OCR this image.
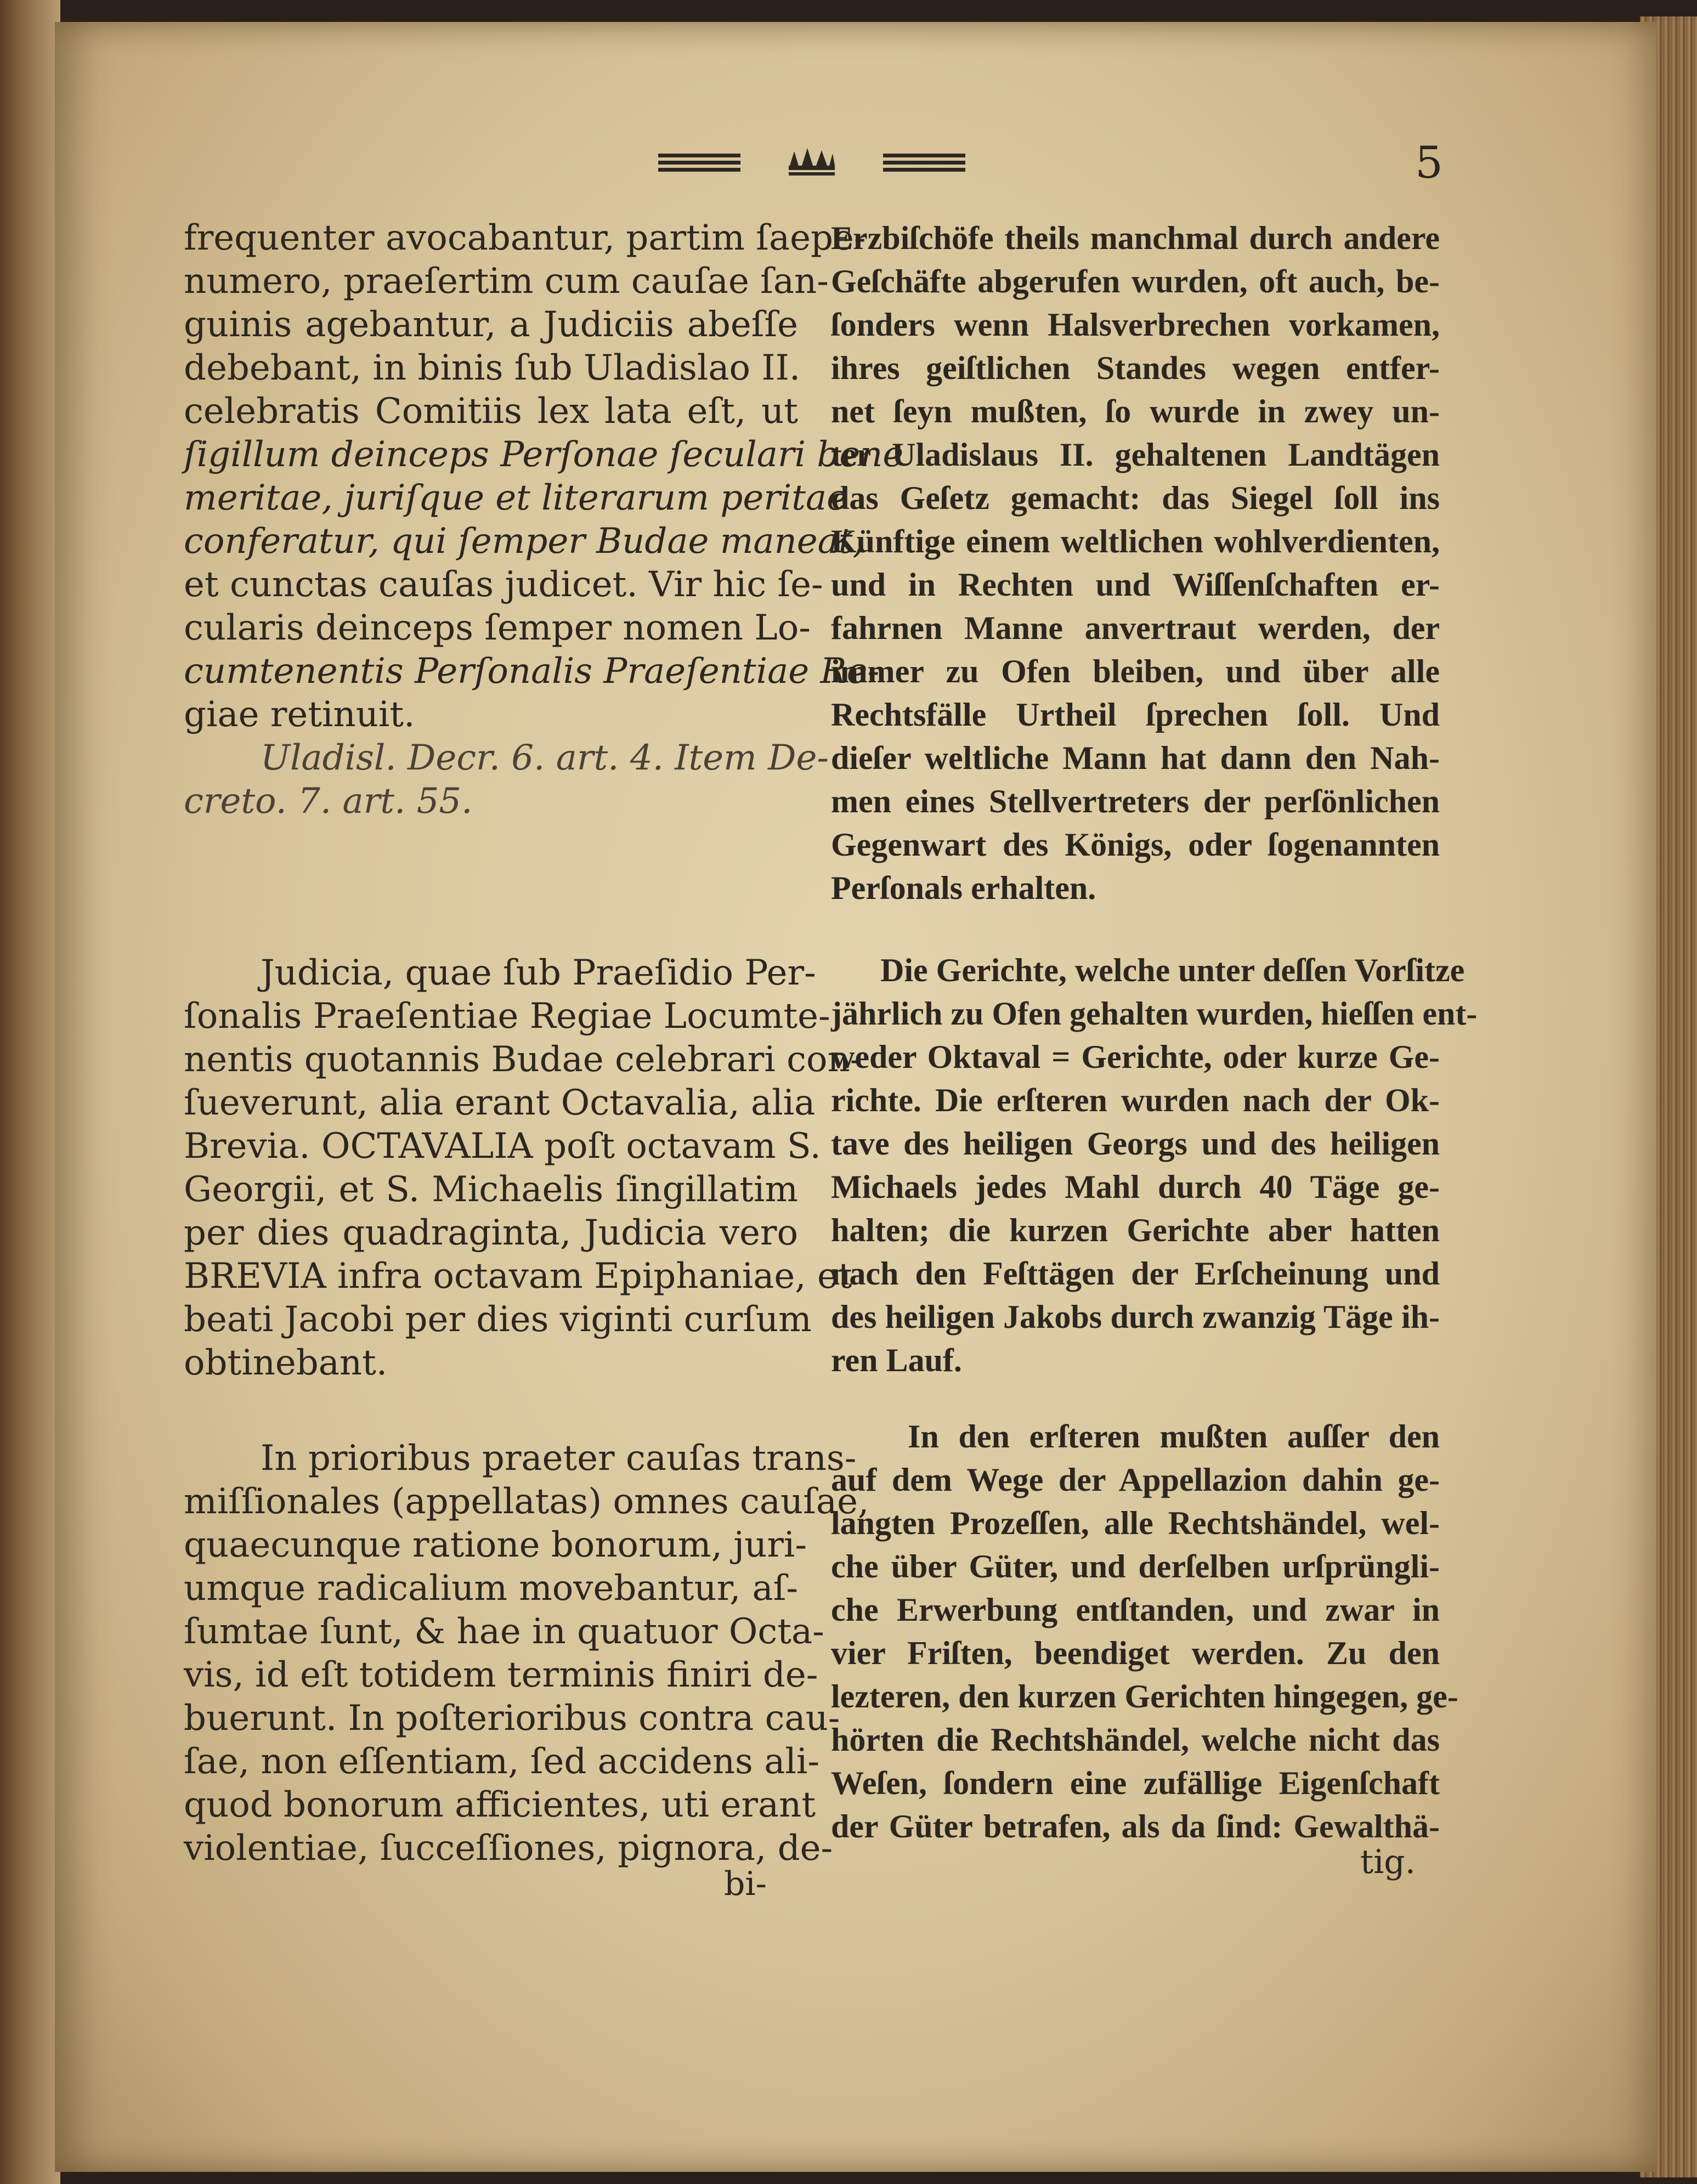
5
frequenter avocabantur, partim ſaepe-
numero, praeſertim cum cauſae ſan-
guinis agebantur, a Judiciis abeſſe
debebant, in binis ſub Uladislao II.
celebratis Comitiis lex lata eſt, ut
ſigillum deinceps Perſonae ſeculari bene
meritae, juriſque et literarum peritae
conferatur, qui ſemper Budae maneat,
et cunctas cauſas judicet. Vir hic ſe-
cularis deinceps ſemper nomen Lo-
cumtenentis Perſonalis Praeſentiae Re-
giae retinuit.
Uladisl. Decr. 6. art. 4. Item De-
creto. 7. art. 55.
Judicia, quae ſub Praeſidio Per-
ſonalis Praeſentiae Regiae Locumte-
nentis quotannis Budae celebrari con-
ſueverunt, alia erant Octavalia, alia
Brevia. OCTAVALIA poſt octavam S.
Georgii, et S. Michaelis ſingillatim
per dies quadraginta, Judicia vero
BREVIA infra octavam Epiphaniae, et
beati Jacobi per dies viginti curſum
obtinebant.
In prioribus praeter cauſas trans-
miſſionales (appellatas) omnes cauſae,
quaecunque ratione bonorum, juri-
umque radicalium movebantur, aſ-
ſumtae ſunt, & hae in quatuor Octa-
vis, id eſt totidem terminis finiri de-
buerunt. In poſterioribus contra cau-
ſae, non eſſentiam, ſed accidens ali-
quod bonorum afficientes, uti erant
violentiae, ſucceſſiones, pignora, de-
bi-
Erzbiſchöfe theils manchmal durch andere
Geſchäfte abgerufen wurden, oft auch, be-
ſonders wenn Halsverbrechen vorkamen,
ihres geiſtlichen Standes wegen entfer-
net ſeyn mußten, ſo wurde in zwey un-
ter Uladislaus II. gehaltenen Landtägen
das Geſetz gemacht: das Siegel ſoll ins
Künftige einem weltlichen wohlverdienten,
und in Rechten und Wiſſenſchaften er-
fahrnen Manne anvertraut werden, der
immer zu Ofen bleiben, und über alle
Rechtsfälle Urtheil ſprechen ſoll. Und
dieſer weltliche Mann hat dann den Nah-
men eines Stellvertreters der perſönlichen
Gegenwart des Königs, oder ſogenannten
Perſonals erhalten.
Die Gerichte, welche unter deſſen Vorſitze
jährlich zu Ofen gehalten wurden, hieſſen ent-
weder Oktaval = Gerichte, oder kurze Ge-
richte. Die erſteren wurden nach der Ok-
tave des heiligen Georgs und des heiligen
Michaels jedes Mahl durch 40 Täge ge-
halten; die kurzen Gerichte aber hatten
nach den Feſttägen der Erſcheinung und
des heiligen Jakobs durch zwanzig Täge ih-
ren Lauf.
In den erſteren mußten auſſer den
auf dem Wege der Appellazion dahin ge-
langten Prozeſſen, alle Rechtshändel, wel-
che über Güter, und derſelben urſprüngli-
che Erwerbung entſtanden, und zwar in
vier Friſten, beendiget werden. Zu den
lezteren, den kurzen Gerichten hingegen, ge-
hörten die Rechtshändel, welche nicht das
Weſen, ſondern eine zufällige Eigenſchaft
der Güter betrafen, als da ſind: Gewalthä-
tig.
